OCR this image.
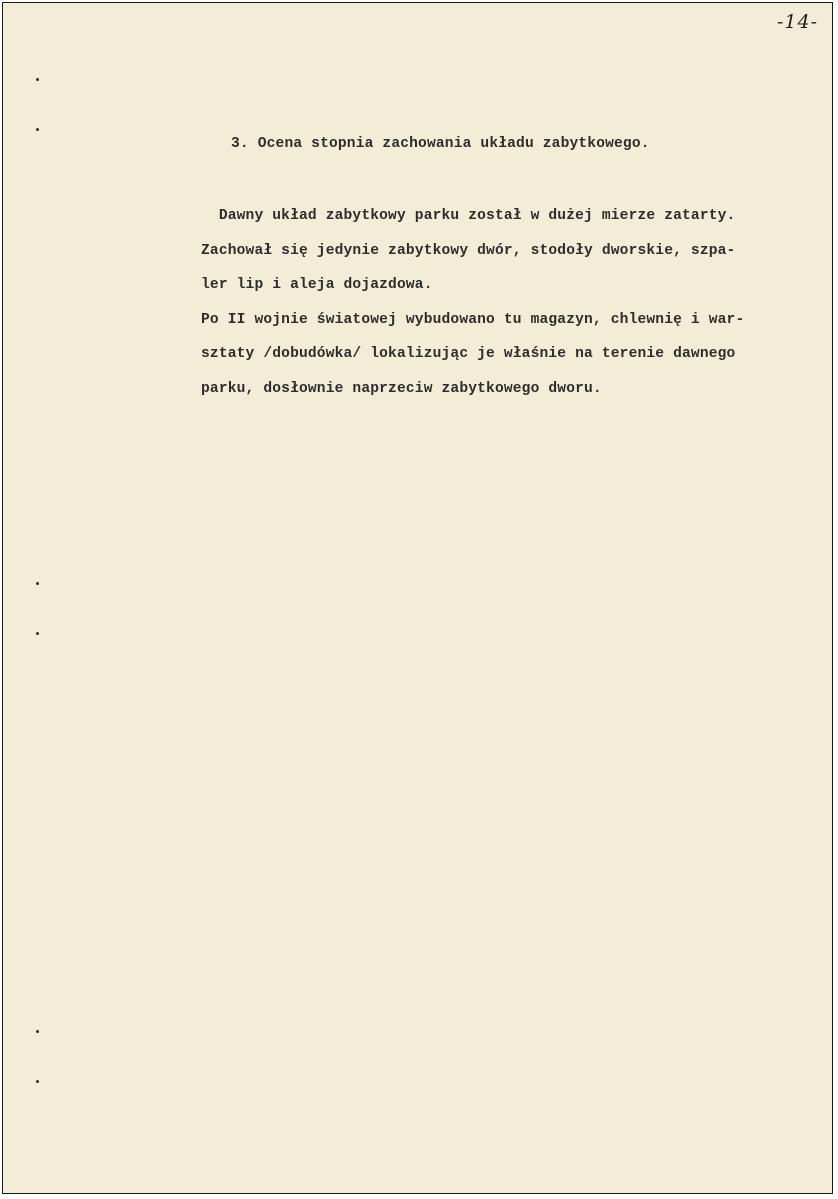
-14-
3. Ocena stopnia zachowania układu zabytkowego.
Dawny układ zabytkowy parku został w dużej mierze zatarty.
Zachował się jedynie zabytkowy dwór, stodoły dworskie, szpa-
ler lip i aleja dojazdowa.
Po II wojnie światowej wybudowano tu magazyn, chlewnię i war-
sztaty /dobudówka/ lokalizując je właśnie na terenie dawnego
parku, dosłownie naprzeciw zabytkowego dworu.
